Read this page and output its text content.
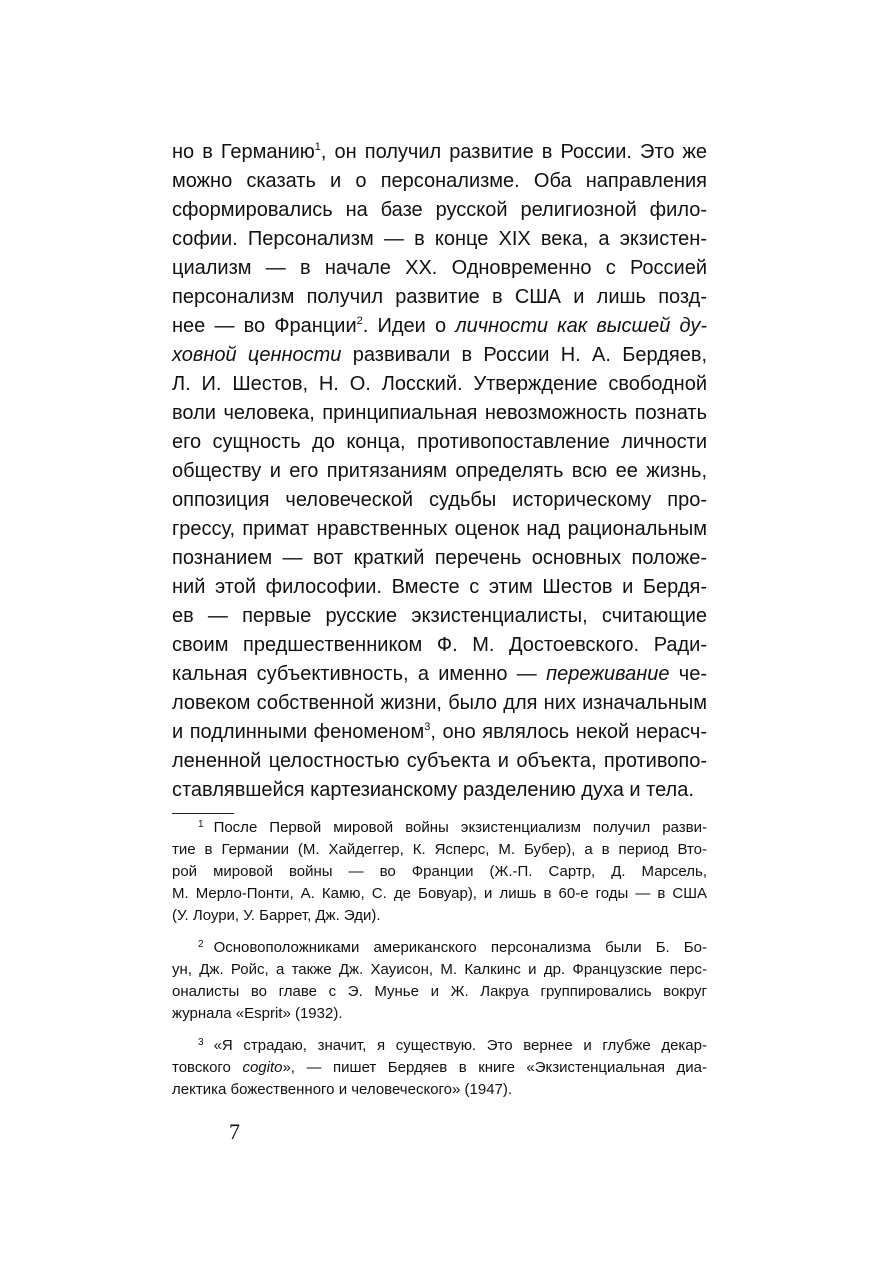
но в Германию$^1$, он получил развитие в России. Это же
можно сказать и о персонализме. Оба направления
сформировались на базе русской религиозной фило-
софии. Персонализм — в конце XIX века, а экзистен-
циализм — в начале XX. Одновременно с Россией
персонализм получил развитие в США и лишь позд-
нее — во Франции$^2$. Идеи о личности как высшей ду-
ховной ценности развивали в России Н. А. Бердяев,
Л. И. Шестов, Н. О. Лосский. Утверждение свободной
воли человека, принципиальная невозможность познать
его сущность до конца, противопоставление личности
обществу и его притязаниям определять всю ее жизнь,
оппозиция человеческой судьбы историческому про-
грессу, примат нравственных оценок над рациональным
познанием — вот краткий перечень основных положе-
ний этой философии. Вместе с этим Шестов и Бердя-
ев — первые русские экзистенциалисты, считающие
своим предшественником Ф. М. Достоевского. Ради-
кальная субъективность, а именно — переживание че-
ловеком собственной жизни, было для них изначальным
и подлинными феноменом$^3$, оно являлось некой нерасч-
лененной целостностью субъекта и объекта, противопо-
ставлявшейся картезианскому разделению духа и тела.
$^1$ После Первой мировой войны экзистенциализм получил разви-
тие в Германии (М. Хайдеггер, К. Ясперс, М. Бубер), а в период Вто-
рой мировой войны — во Франции (Ж.-П. Сартр, Д. Марсель,
М. Мерло-Понти, А. Камю, С. де Бовуар), и лишь в 60-е годы — в США
(У. Лоури, У. Баррет, Дж. Эди).
$^2$ Основоположниками американского персонализма были Б. Бо-
ун, Дж. Ройс, а также Дж. Хауисон, М. Калкинс и др. Французские перс-
оналисты во главе с Э. Мунье и Ж. Лакруа группировались вокруг
журнала «Esprit» (1932).
$^3$ «Я страдаю, значит, я существую. Это вернее и глубже декар-
товского cogito», — пишет Бердяев в книге «Экзистенциальная диа-
лектика божественного и человеческого» (1947).
7
